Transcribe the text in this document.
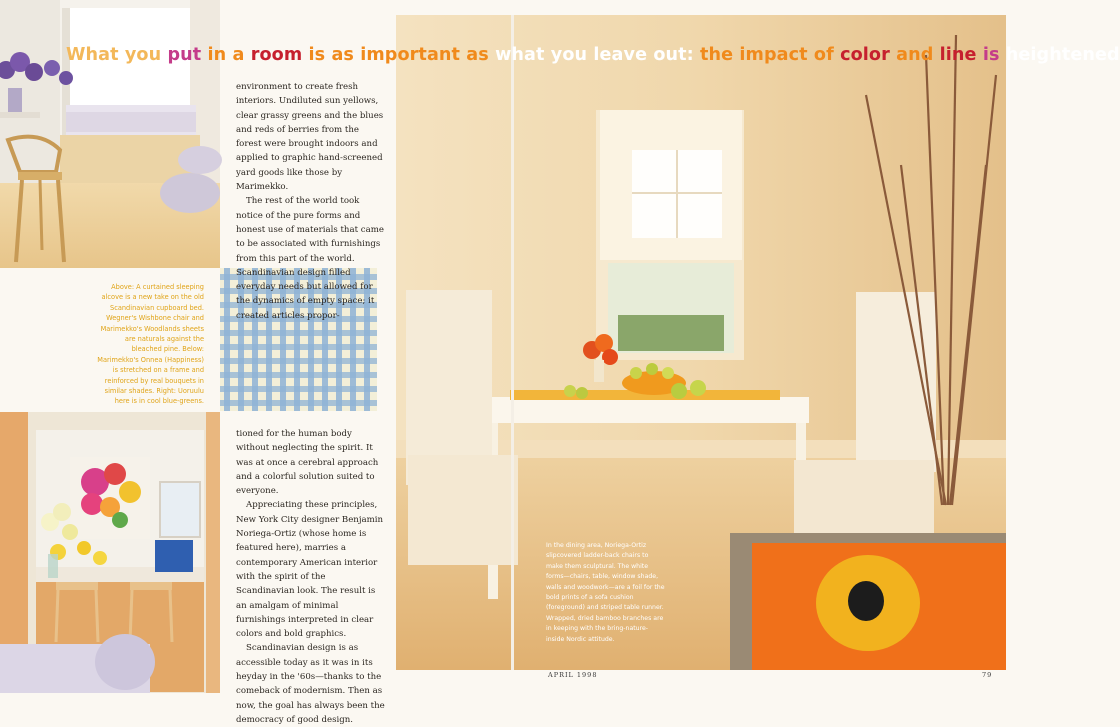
What you put in a room is as important as what you leave out: the impact of color and line is heightened

environment to create fresh interiors. Undiluted sun yellows, clear grassy greens and the blues and reds of berries from the forest were brought indoors and applied to graphic hand-screened yard goods like those by Marimekko.

The rest of the world took notice of the pure forms and honest use of materials that came to be associated with furnishings from this part of the world. Scandinavian design filled everyday needs but allowed for the dynamics of empty space; it created articles propor-

Above: A curtained sleeping alcove is a new take on the old Scandinavian cupboard bed. Wegner's Wishbone chair and Marimekko's Woodlands sheets are naturals against the bleached pine. Below: Marimekko's Onnea (Happiness) is stretched on a frame and reinforced by real bouquets in similar shades. Right: Uoruulu here is in cool blue-greens.

tioned for the human body without neglecting the spirit. It was at once a cerebral approach and a colorful solution suited to everyone.

Appreciating these principles, New York City designer Benjamin Noriega-Ortiz (whose home is featured here), marries a contemporary American interior with the spirit of the Scandinavian look. The result is an amalgam of minimal furnishings interpreted in clear colors and bold graphics.

Scandinavian design is as accessible today as it was in its heyday in the '60s—thanks to the comeback of modernism. Then as now, the goal has always been the democracy of good design.

In the dining area, Noriega-Ortiz slipcovered ladder-back chairs to make them sculptural. The white forms—chairs, table, window shade, walls and woodwork—are a foil for the bold prints of a sofa cushion (foreground) and striped table runner. Wrapped, dried bamboo branches are in keeping with the bring-nature-inside Nordic attitude.
APRIL 1998	79
